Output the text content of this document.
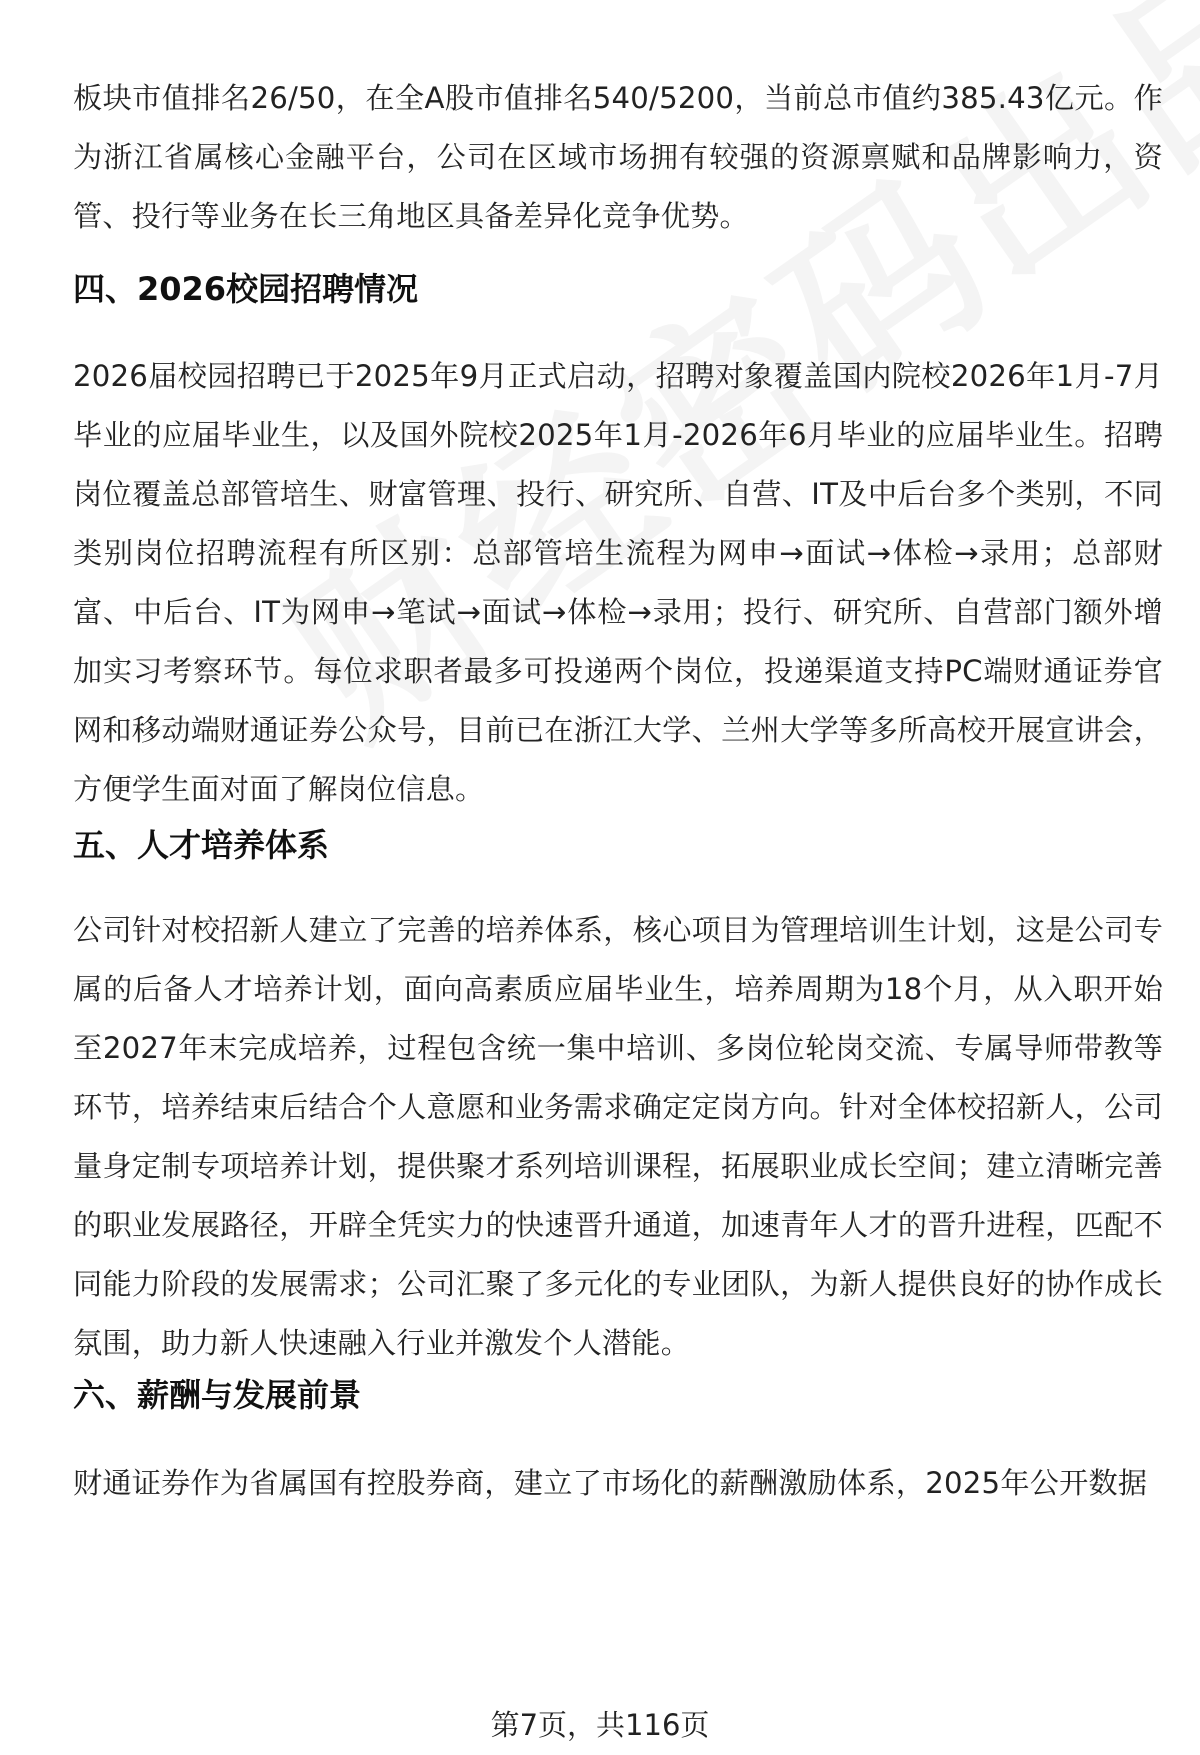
板块市值排名26/50，在全A股市值排名540/5200，当前总市值约385.43亿元。作为浙江省属核心金融平台，公司在区域市场拥有较强的资源禀赋和品牌影响力，资管、投行等业务在长三角地区具备差异化竞争优势。

四、2026校园招聘情况

2026届校园招聘已于2025年9月正式启动，招聘对象覆盖国内院校2026年1月-7月毕业的应届毕业生，以及国外院校2025年1月-2026年6月毕业的应届毕业生。招聘岗位覆盖总部管培生、财富管理、投行、研究所、自营、IT及中后台多个类别，不同类别岗位招聘流程有所区别：总部管培生流程为网申→面试→体检→录用；总部财富、中后台、IT为网申→笔试→面试→体检→录用；投行、研究所、自营部门额外增加实习考察环节。每位求职者最多可投递两个岗位，投递渠道支持PC端财通证券官网和移动端财通证券公众号，目前已在浙江大学、兰州大学等多所高校开展宣讲会，方便学生面对面了解岗位信息。

五、人才培养体系

公司针对校招新人建立了完善的培养体系，核心项目为管理培训生计划，这是公司专属的后备人才培养计划，面向高素质应届毕业生，培养周期为18个月，从入职开始至2027年末完成培养，过程包含统一集中培训、多岗位轮岗交流、专属导师带教等环节，培养结束后结合个人意愿和业务需求确定定岗方向。针对全体校招新人，公司量身定制专项培养计划，提供聚才系列培训课程，拓展职业成长空间；建立清晰完善的职业发展路径，开辟全凭实力的快速晋升通道，加速青年人才的晋升进程，匹配不同能力阶段的发展需求；公司汇聚了多元化的专业团队，为新人提供良好的协作成长氛围，助力新人快速融入行业并激发个人潜能。

六、薪酬与发展前景

财通证券作为省属国有控股券商，建立了市场化的薪酬激励体系，2025年公开数据

第7页，共116页
